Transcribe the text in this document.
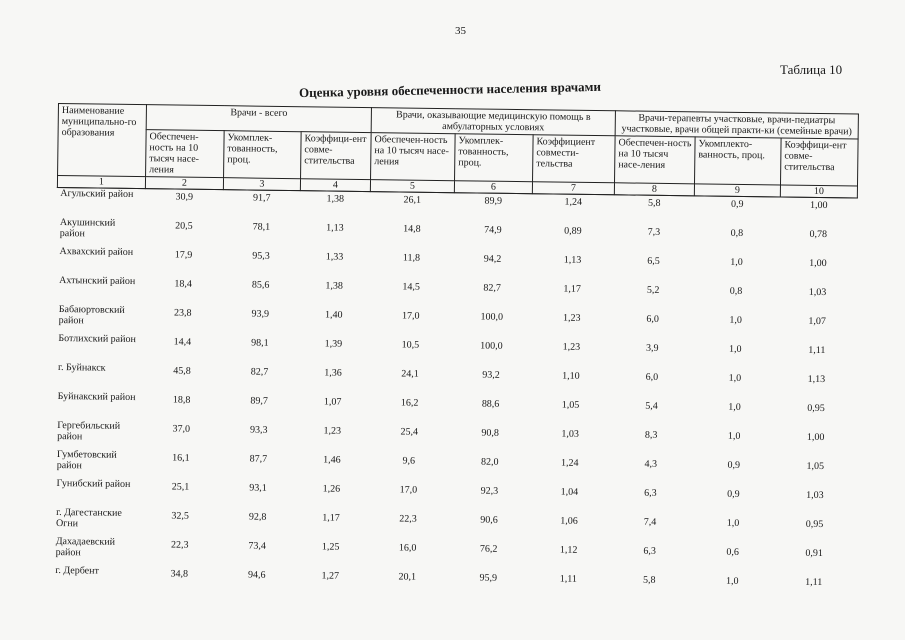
35
Таблица 10
Оценка уровня обеспеченности населения врачами
Наименование муниципально-го образования	Врачи - всего			Врачи, оказывающие медицинскую помощь в амбулаторных условиях			Врачи-терапевты участковые, врачи-педиатры участковые, врачи общей практи-ки (семейные врачи)		
	Обеспечен-ность на 10 тысяч насе-ления	Укомплек-тованность, проц.	Коэффици-ент совме-стительства	Обеспечен-ность на 10 тысяч насе-ления	Укомплек-тованность, проц.	Коэффициент совмести-тельства	Обеспечен-ность на 10 тысяч насе-ления	Укомплекто-ванность, проц.	Коэффици-ент совме-стительства
1	2	3	4	5	6	7	8	9	10
Агульский район	30,9	91,7	1,38	26,1	89,9	1,24	5,8	0,9	1,00
Акушинский район	20,5	78,1	1,13	14,8	74,9	0,89	7,3	0,8	0,78
Ахвахский район	17,9	95,3	1,33	11,8	94,2	1,13	6,5	1,0	1,00
Ахтынский район	18,4	85,6	1,38	14,5	82,7	1,17	5,2	0,8	1,03
Бабаюртовский район	23,8	93,9	1,40	17,0	100,0	1,23	6,0	1,0	1,07
Ботлихский район	14,4	98,1	1,39	10,5	100,0	1,23	3,9	1,0	1,11
г. Буйнакск	45,8	82,7	1,36	24,1	93,2	1,10	6,0	1,0	1,13
Буйнакский район	18,8	89,7	1,07	16,2	88,6	1,05	5,4	1,0	0,95
Гергебильский район	37,0	93,3	1,23	25,4	90,8	1,03	8,3	1,0	1,00
Гумбетовский район	16,1	87,7	1,46	9,6	82,0	1,24	4,3	0,9	1,05
Гунибский район	25,1	93,1	1,26	17,0	92,3	1,04	6,3	0,9	1,03
г. Дагестанские Огни	32,5	92,8	1,17	22,3	90,6	1,06	7,4	1,0	0,95
Дахадаевский район	22,3	73,4	1,25	16,0	76,2	1,12	6,3	0,6	0,91
г. Дербент	34,8	94,6	1,27	20,1	95,9	1,11	5,8	1,0	1,11
